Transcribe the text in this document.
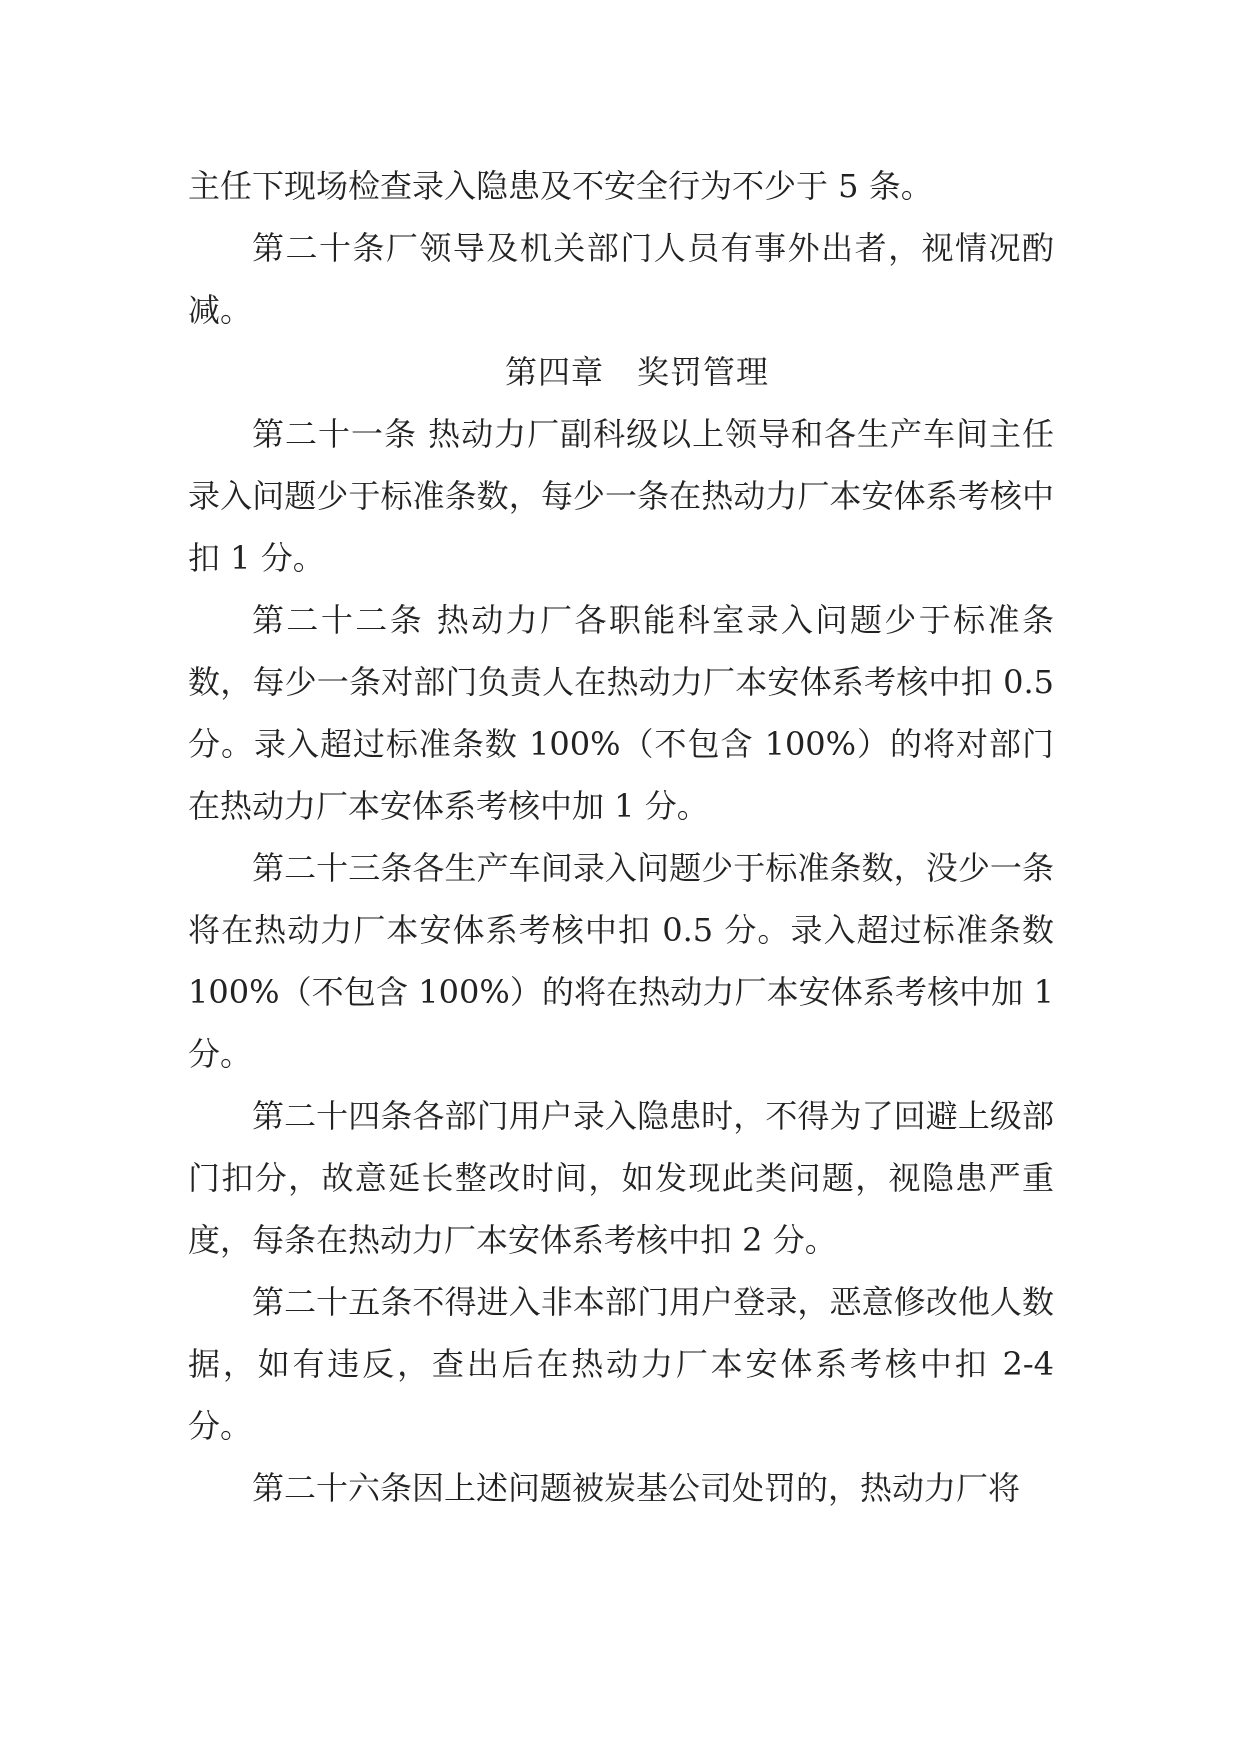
主任下现场检查录入隐患及不安全行为不少于 5 条。

第二十条厂领导及机关部门人员有事外出者，视情况酌减。

第四章　奖罚管理

第二十一条 热动力厂副科级以上领导和各生产车间主任录入问题少于标准条数，每少一条在热动力厂本安体系考核中扣 1 分。

第二十二条 热动力厂各职能科室录入问题少于标准条数，每少一条对部门负责人在热动力厂本安体系考核中扣 0.5 分。录入超过标准条数 100%（不包含 100%）的将对部门在热动力厂本安体系考核中加 1 分。

第二十三条各生产车间录入问题少于标准条数，没少一条将在热动力厂本安体系考核中扣 0.5 分。录入超过标准条数 100%（不包含 100%）的将在热动力厂本安体系考核中加 1 分。

第二十四条各部门用户录入隐患时，不得为了回避上级部门扣分，故意延长整改时间，如发现此类问题，视隐患严重度，每条在热动力厂本安体系考核中扣 2 分。

第二十五条不得进入非本部门用户登录，恶意修改他人数据，如有违反，查出后在热动力厂本安体系考核中扣 2-4 分。

第二十六条因上述问题被炭基公司处罚的，热动力厂将
